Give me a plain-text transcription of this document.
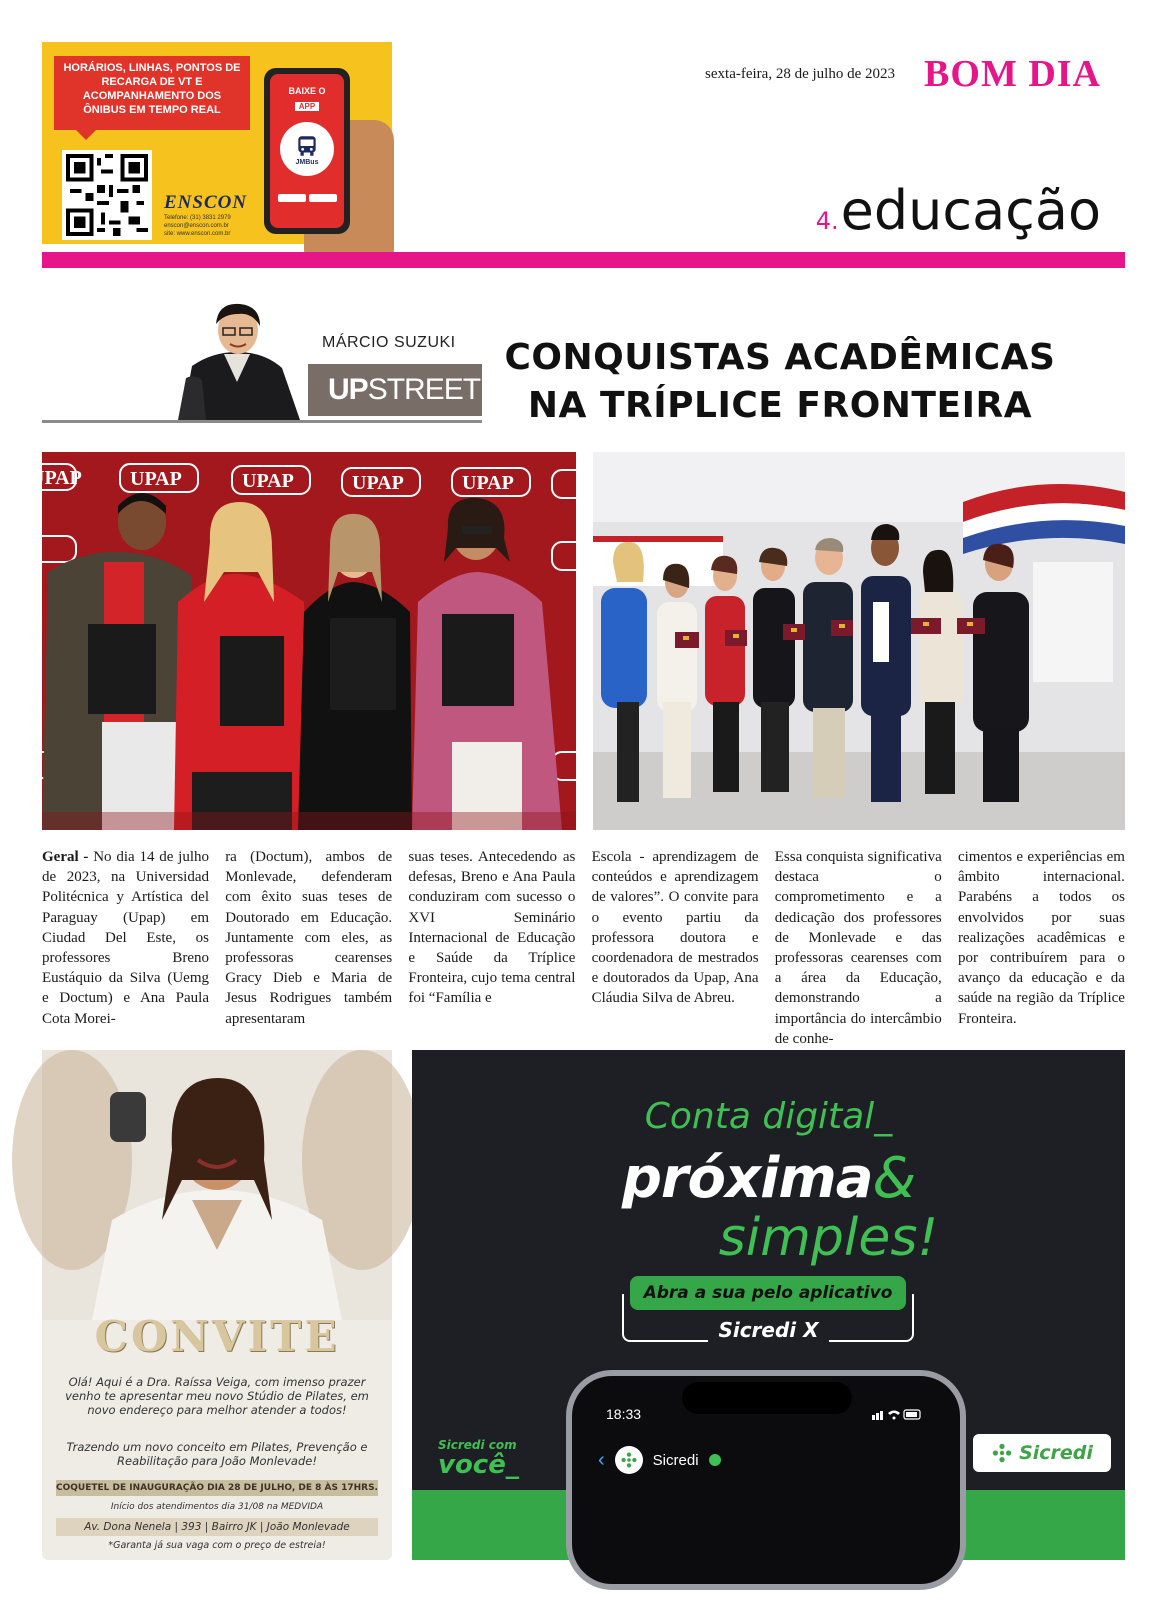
HORÁRIOS, LINHAS, PONTOS DE RECARGA DE VT E ACOMPANHAMENTO DOS ÔNIBUS EM TEMPO REAL
ENSCON
Telefone: (31) 3831 2979
enscon@enscon.com.br
site: www.enscon.com.br
BAIXE O
APP
JMBus
sexta-feira, 28 de julho de 2023 BOM DIA
4.educação
MÁRCIO SUZUKI
UPSTREET
CONQUISTAS ACADÊMICAS
NA TRÍPLICE FRONTEIRA
UPAP UPAP	UPAP	UPAP	UPAP

Geral - No dia 14 de julho de 2023, na Universidad Politécnica y Artística del Paraguay (Upap) em Ciudad Del Este, os professores Breno Eustáquio da Silva (Uemg e Doctum) e Ana Paula Cota Morei-

ra (Doctum), ambos de Monlevade, defenderam com êxito suas teses de Doutorado em Educação. Juntamente com eles, as professoras cearenses Gracy Dieb e Maria de Jesus Rodrigues também apresentaram

suas teses. Antecedendo as defesas, Breno e Ana Paula conduziram com sucesso o XVI Seminário Internacional de Educação e Saúde da Tríplice Fronteira, cujo tema central foi “Família e

Escola - aprendizagem de conteúdos e aprendizagem de valores”. O convite para o evento partiu da professora doutora e coordenadora de mestrados e doutorados da Upap, Ana Cláudia Silva de Abreu.

Essa conquista significativa destaca o comprometimento e a dedicação dos professores de Monlevade e das professoras cearenses com a área da Educação, demonstrando a importância do intercâmbio de conhe-

cimentos e experiências em âmbito internacional. Parabéns a todos os envolvidos por suas realizações acadêmicas e por contribuírem para o avanço da educação e da saúde na região da Tríplice Fronteira.

CONVITE
Olá! Aqui é a Dra. Raíssa Veiga, com imenso prazer venho te apresentar meu novo Stúdio de Pilates, em novo endereço para melhor atender a todos!
Trazendo um novo conceito em Pilates, Prevenção e Reabilitação para João Monlevade!
COQUETEL DE INAUGURAÇÃO DIA 28 DE JULHO, DE 8 ÀS 17HRS.
Início dos atendimentos dia 31/08 na MEDVIDA
Av. Dona Nenela | 393 | Bairro JK | João Monlevade
*Garanta já sua vaga com o preço de estreia!
Conta digital_
próxima&
simples!
Abra a sua pelo aplicativo
Sicredi X
18:33
‹	Sicredi
Sicredi com
você_	Sicredi
